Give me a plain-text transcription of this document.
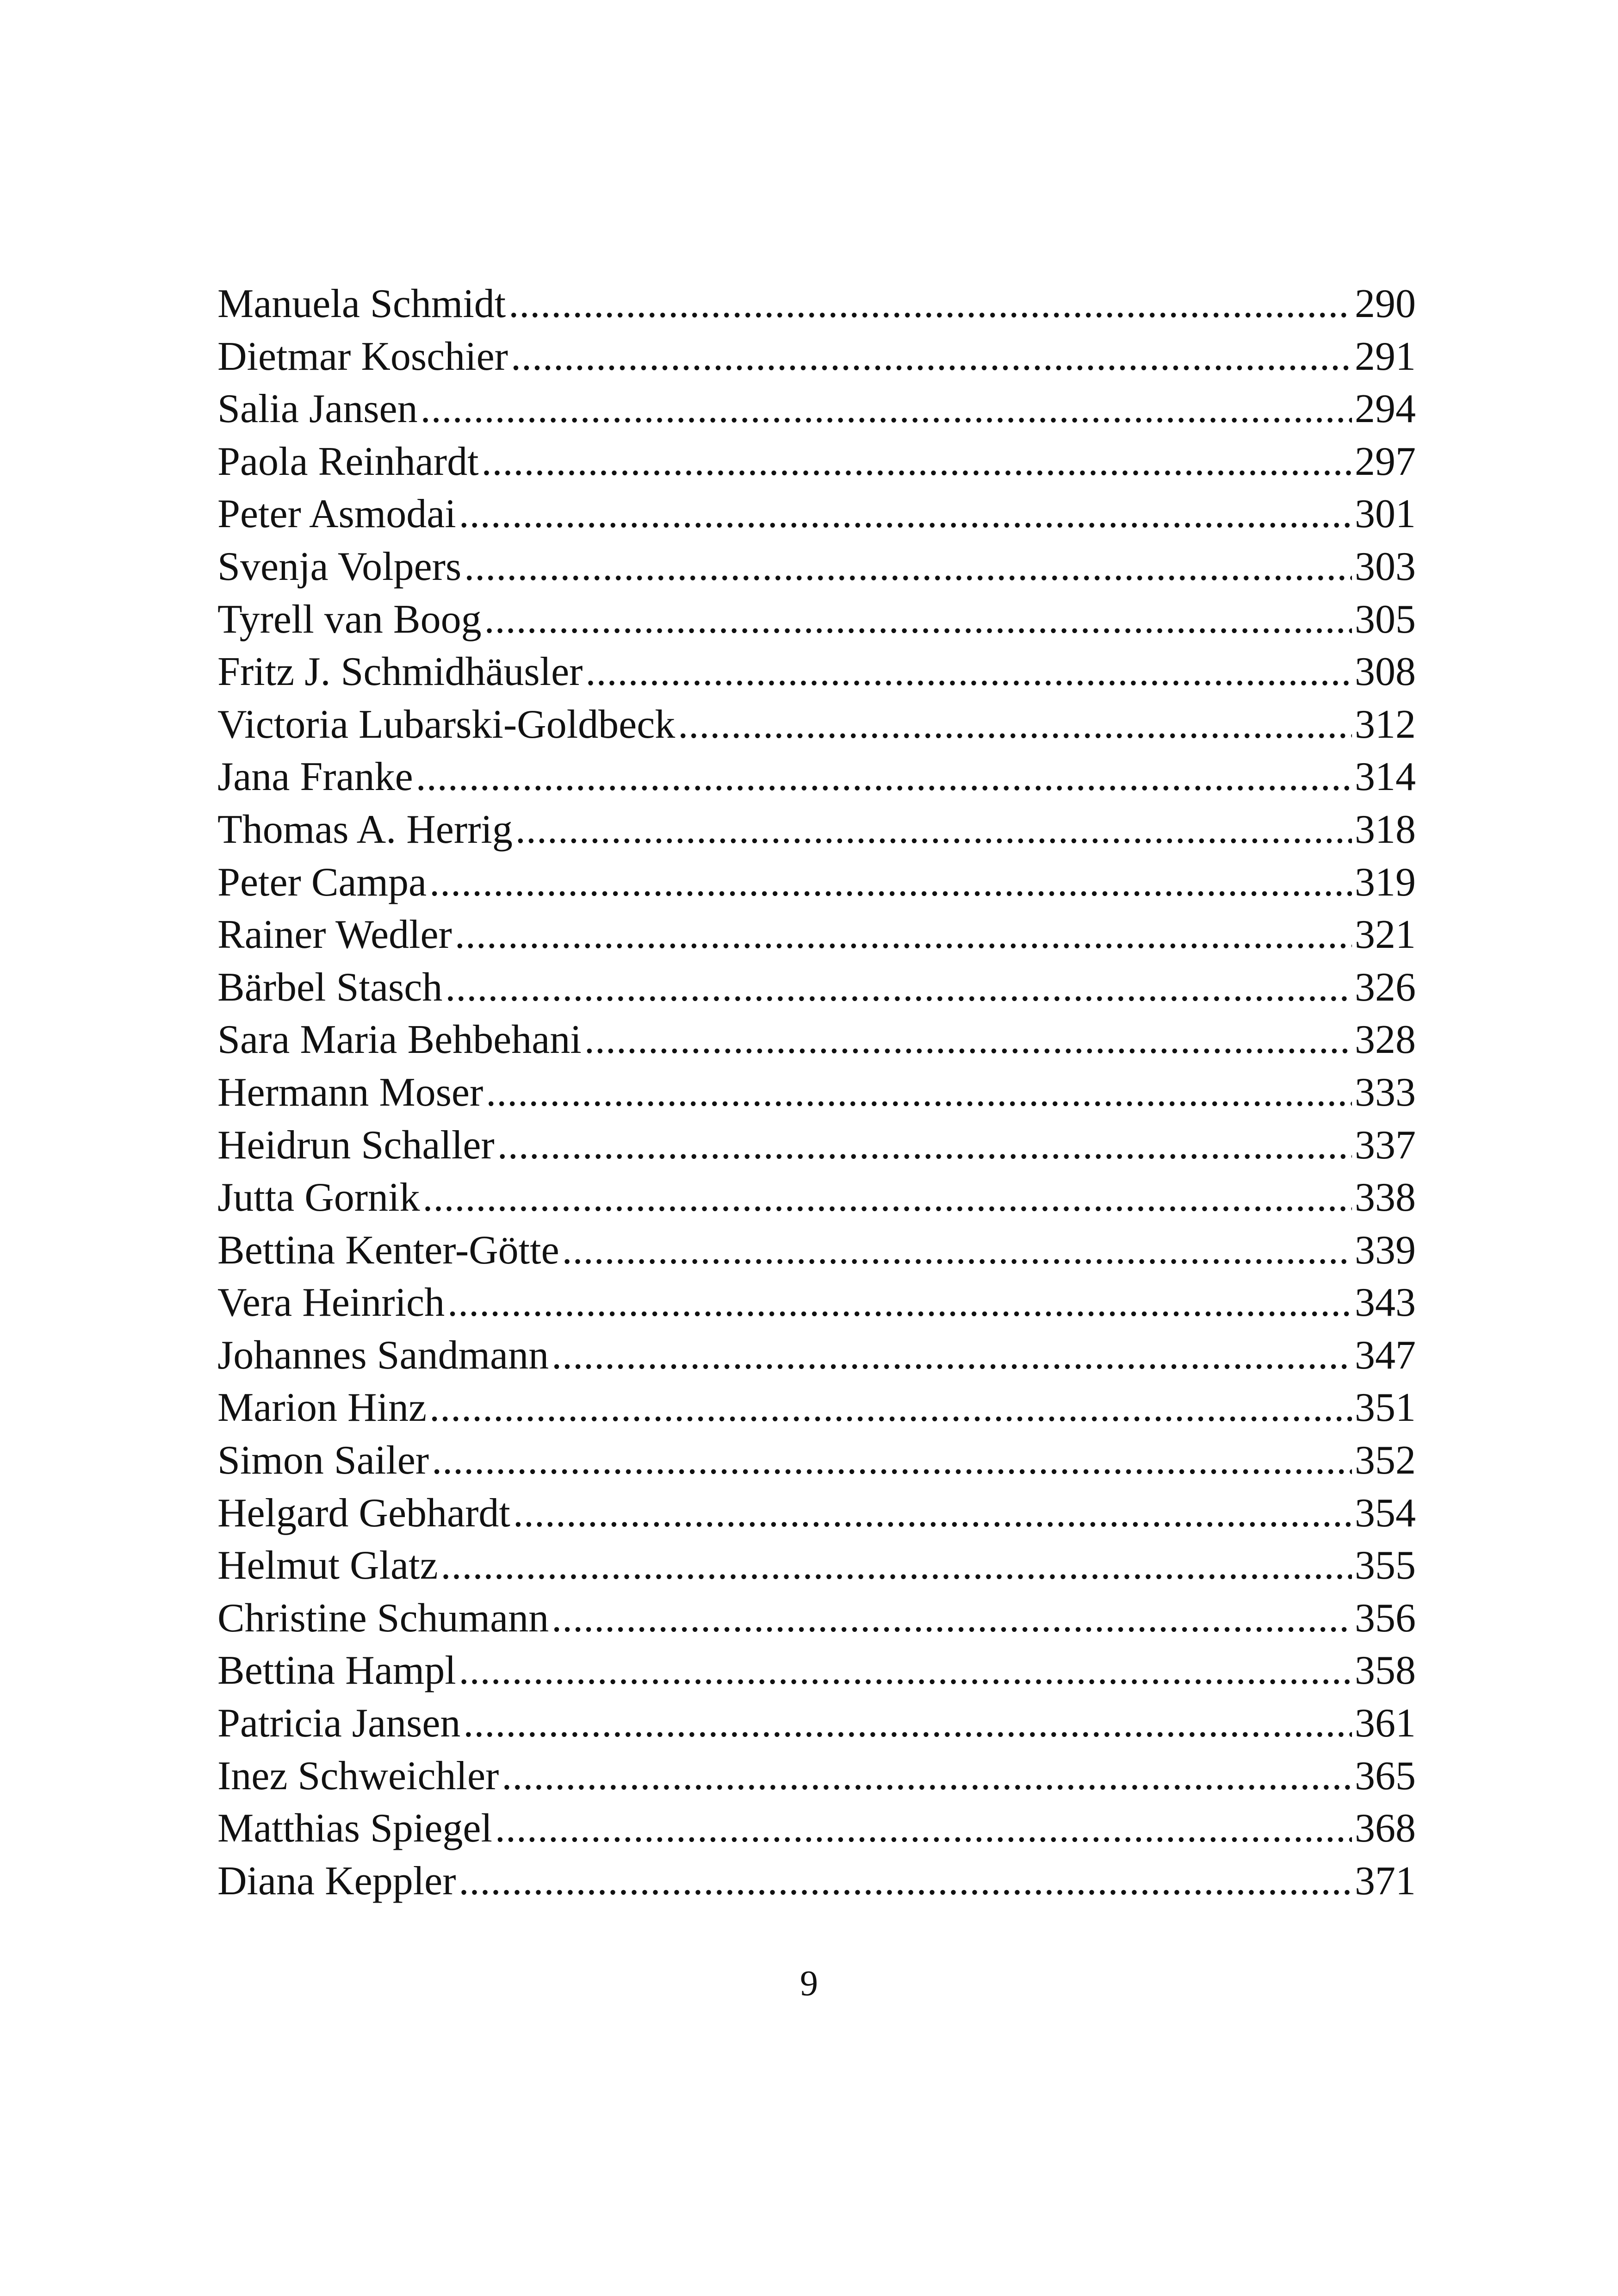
Manuela Schmidt .....	290
Dietmar Koschier .....	291
Salia Jansen .....	294
Paola Reinhardt .....	297
Peter Asmodai .....	301
Svenja Volpers .....	303
Tyrell van Boog .....	305
Fritz J. Schmidhäusler .....	308
Victoria Lubarski-Goldbeck .....	312
Jana Franke .....	314
Thomas A. Herrig .....	318
Peter Campa .....	319
Rainer Wedler .....	321
Bärbel Stasch .....	326
Sara Maria Behbehani .....	328
Hermann Moser .....	333
Heidrun Schaller .....	337
Jutta Gornik .....	338
Bettina Kenter-Götte .....	339
Vera Heinrich .....	343
Johannes Sandmann .....	347
Marion Hinz .....	351
Simon Sailer .....	352
Helgard Gebhardt .....	354
Helmut Glatz .....	355
Christine Schumann .....	356
Bettina Hampl .....	358
Patricia Jansen .....	361
Inez Schweichler .....	365
Matthias Spiegel .....	368
Diana Keppler .....	371
9
